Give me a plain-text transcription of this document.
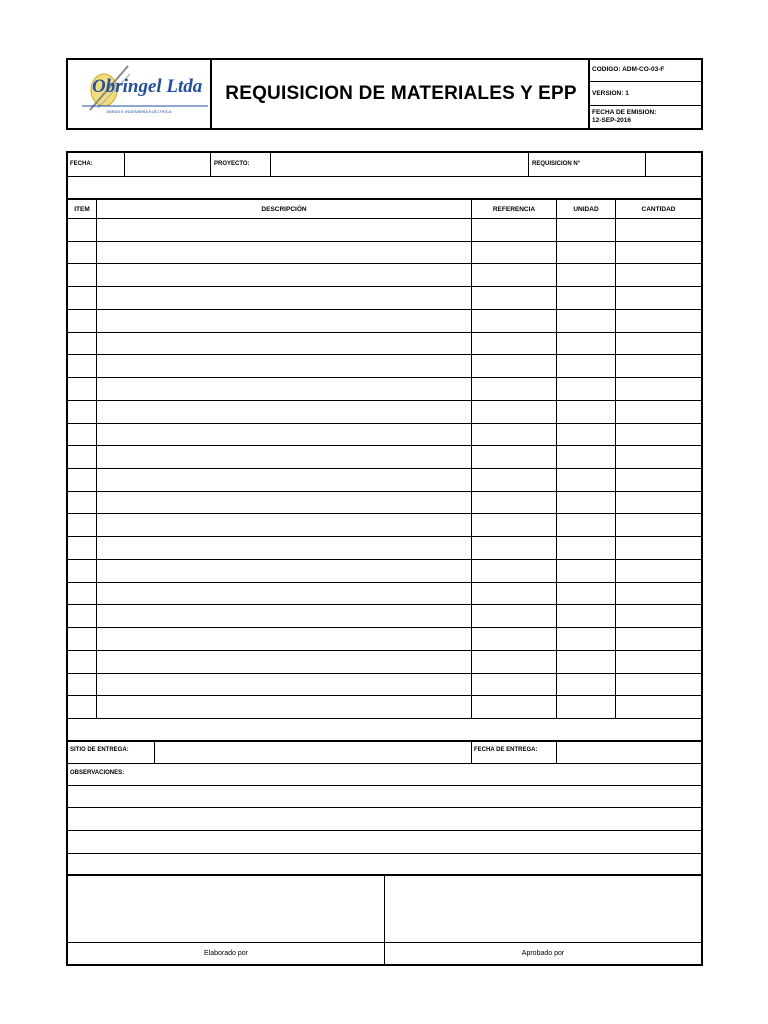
Obringel Ltda
OBRAS E INGENIERÍA ELÉCTRICA
REQUISICION DE MATERIALES Y EPP
CODIGO: ADM-CO-03-F
VERSION: 1
FECHA DE EMISION:
12-SEP-2016
FECHA:	PROYECTO:	REQUISICION N°
ITEM	DESCRIPCIÓN	REFERENCIA	UNIDAD	CANTIDAD
SITIO DE ENTREGA:	FECHA DE ENTREGA:
OBSERVACIONES:
Elaborado por	Aprobado por
